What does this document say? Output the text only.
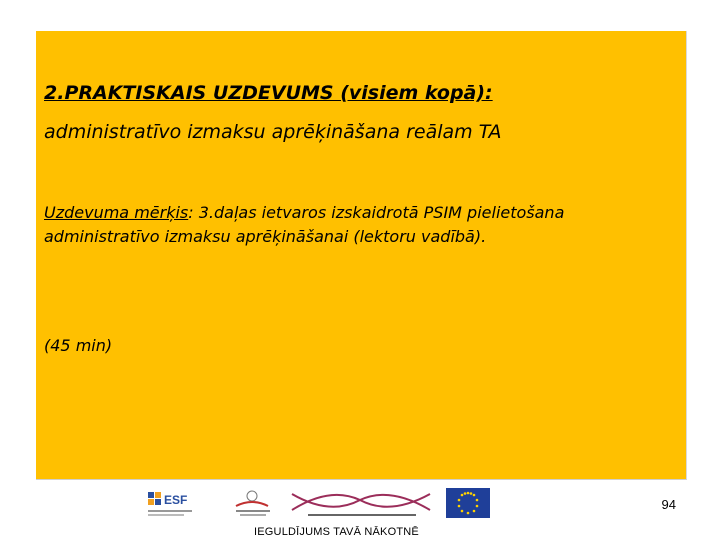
2.PRAKTISKAIS UZDEVUMS (visiem kopā):

administratīvo izmaksu aprēķināšana reālam TA

Uzdevuma mērķis: 3.daļas ietvaros izskaidrotā PSIM pielietošana administratīvo izmaksu aprēķināšanai (lektoru vadībā).

(45 min)

ESF	94
IEGULDĪJUMS TAVĀ NĀKOTNĒ
